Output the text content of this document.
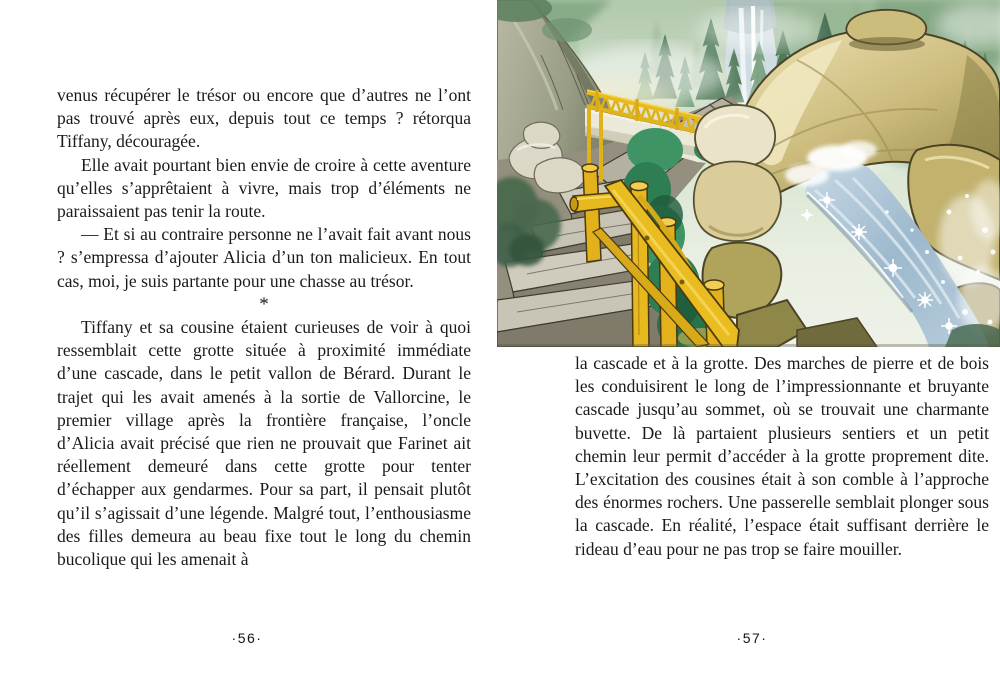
venus récupérer le trésor ou encore que d’autres ne l’ont pas trouvé après eux, depuis tout ce temps ? rétorqua Tiffany, découragée.

Elle avait pourtant bien envie de croire à cette aventure qu’elles s’apprêtaient à vivre, mais trop d’éléments ne paraissaient pas tenir la route.

— Et si au contraire personne ne l’avait fait avant nous ? s’empressa d’ajouter Alicia d’un ton malicieux. En tout cas, moi, je suis partante pour une chasse au trésor.

*

Tiffany et sa cousine étaient curieuses de voir à quoi ressemblait cette grotte située à proximité immédiate d’une cascade, dans le petit vallon de Bérard. Durant le trajet qui les avait amenés à la sortie de Vallorcine, le premier village après la frontière française, l’oncle d’Alicia avait précisé que rien ne prouvait que Farinet ait réellement demeuré dans cette grotte pour tenter d’échapper aux gendarmes. Pour sa part, il pensait plutôt qu’il s’agissait d’une légende. Malgré tout, l’enthousiasme des filles demeura au beau fixe tout le long du chemin bucolique qui les amenait à

la cascade et à la grotte. Des marches de pierre et de bois les conduisirent le long de l’impressionnante et bruyante cascade jusqu’au sommet, où se trouvait une charmante buvette. De là partaient plusieurs sentiers et un petit chemin leur permit d’accéder à la grotte proprement dite. L’excitation des cousines était à son comble à l’approche des énormes rochers. Une passerelle semblait plonger sous la cascade. En réalité, l’espace était suffisant derrière le rideau d’eau pour ne pas trop se faire mouiller.

·56·	·57·
